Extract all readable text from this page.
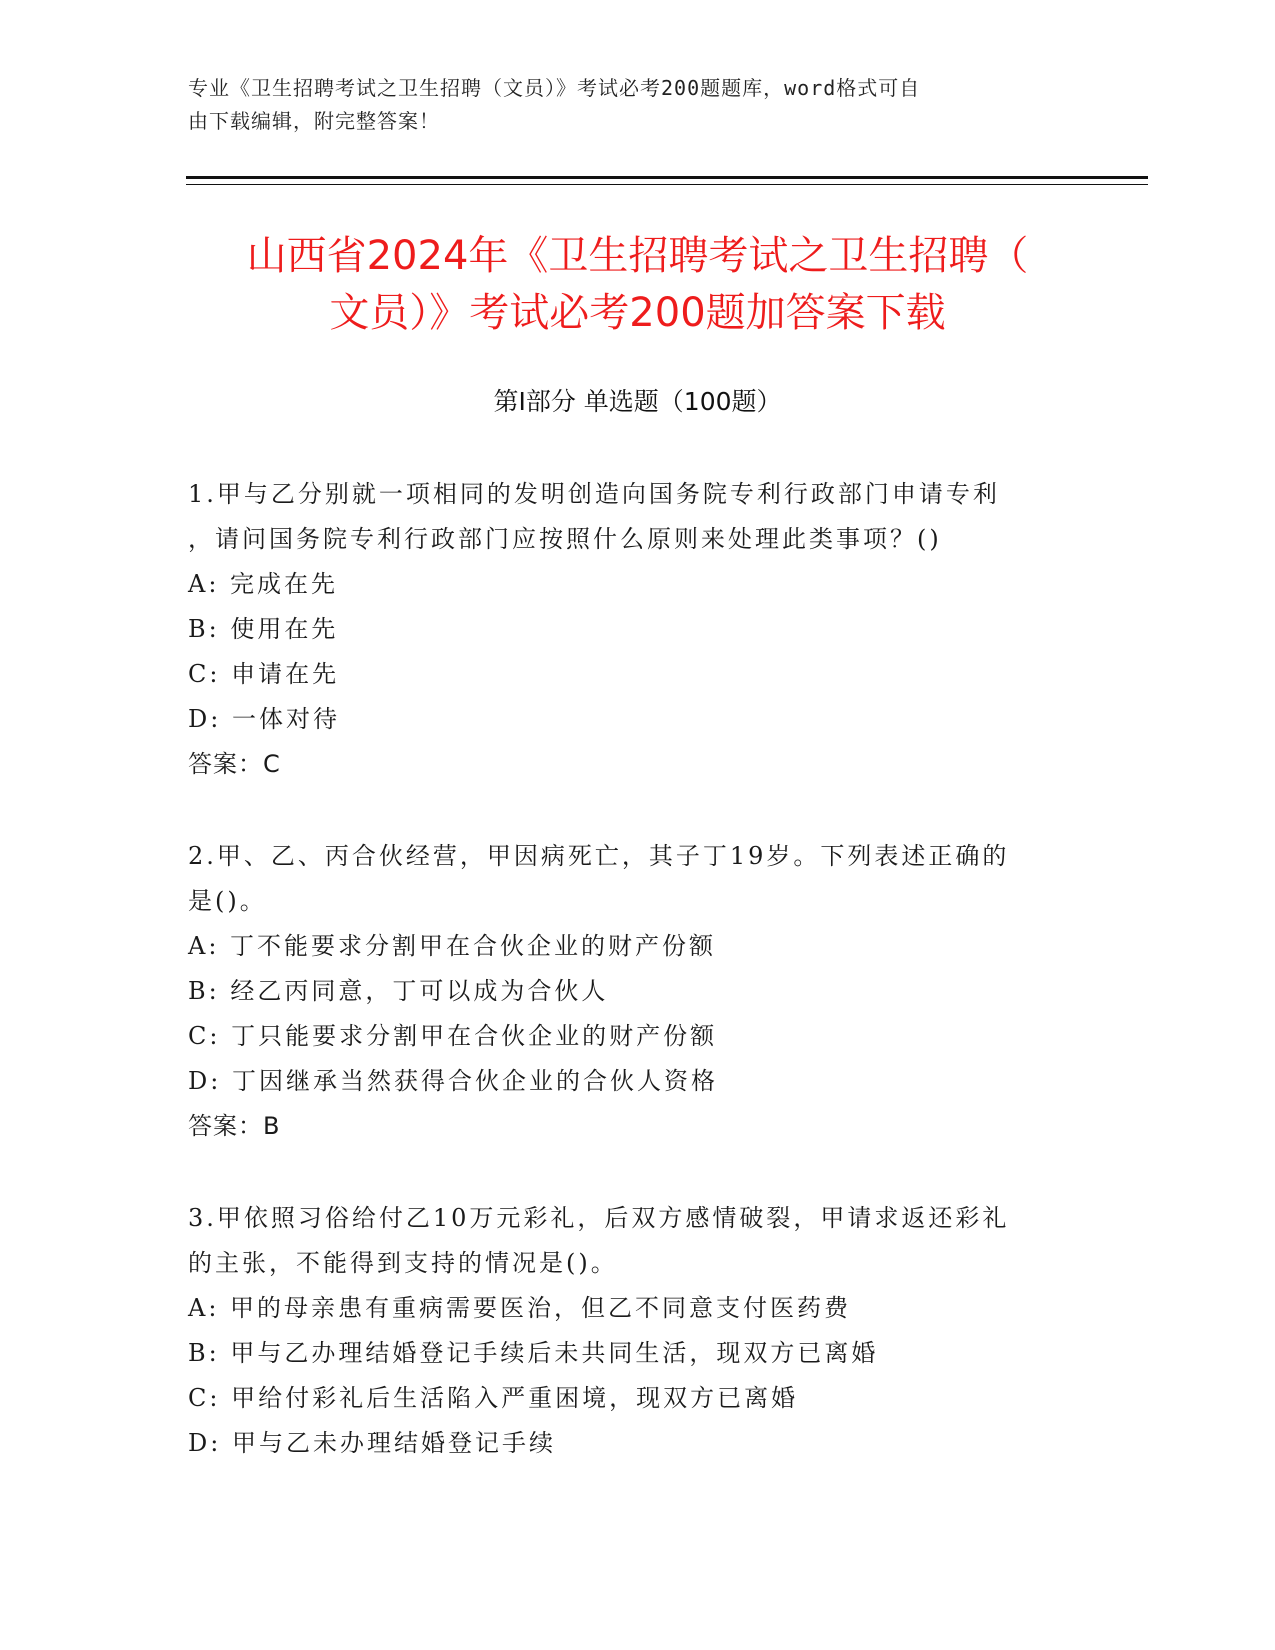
专业《卫生招聘考试之卫生招聘（文员）》考试必考200题题库，word格式可自
由下载编辑，附完整答案！
山西省2024年《卫生招聘考试之卫生招聘（
文员）》考试必考200题加答案下载
第I部分 单选题（100题）

1.甲与乙分别就一项相同的发明创造向国务院专利行政部门申请专利

，请问国务院专利行政部门应按照什么原则来处理此类事项？()

A: 完成在先

B: 使用在先

C: 申请在先

D: 一体对待

答案：C

2.甲、乙、丙合伙经营，甲因病死亡，其子丁19岁。下列表述正确的

是()。

A: 丁不能要求分割甲在合伙企业的财产份额

B: 经乙丙同意，丁可以成为合伙人

C: 丁只能要求分割甲在合伙企业的财产份额

D: 丁因继承当然获得合伙企业的合伙人资格

答案：B

3.甲依照习俗给付乙10万元彩礼，后双方感情破裂，甲请求返还彩礼

的主张，不能得到支持的情况是()。

A: 甲的母亲患有重病需要医治，但乙不同意支付医药费

B: 甲与乙办理结婚登记手续后未共同生活，现双方已离婚

C: 甲给付彩礼后生活陷入严重困境，现双方已离婚

D: 甲与乙未办理结婚登记手续
